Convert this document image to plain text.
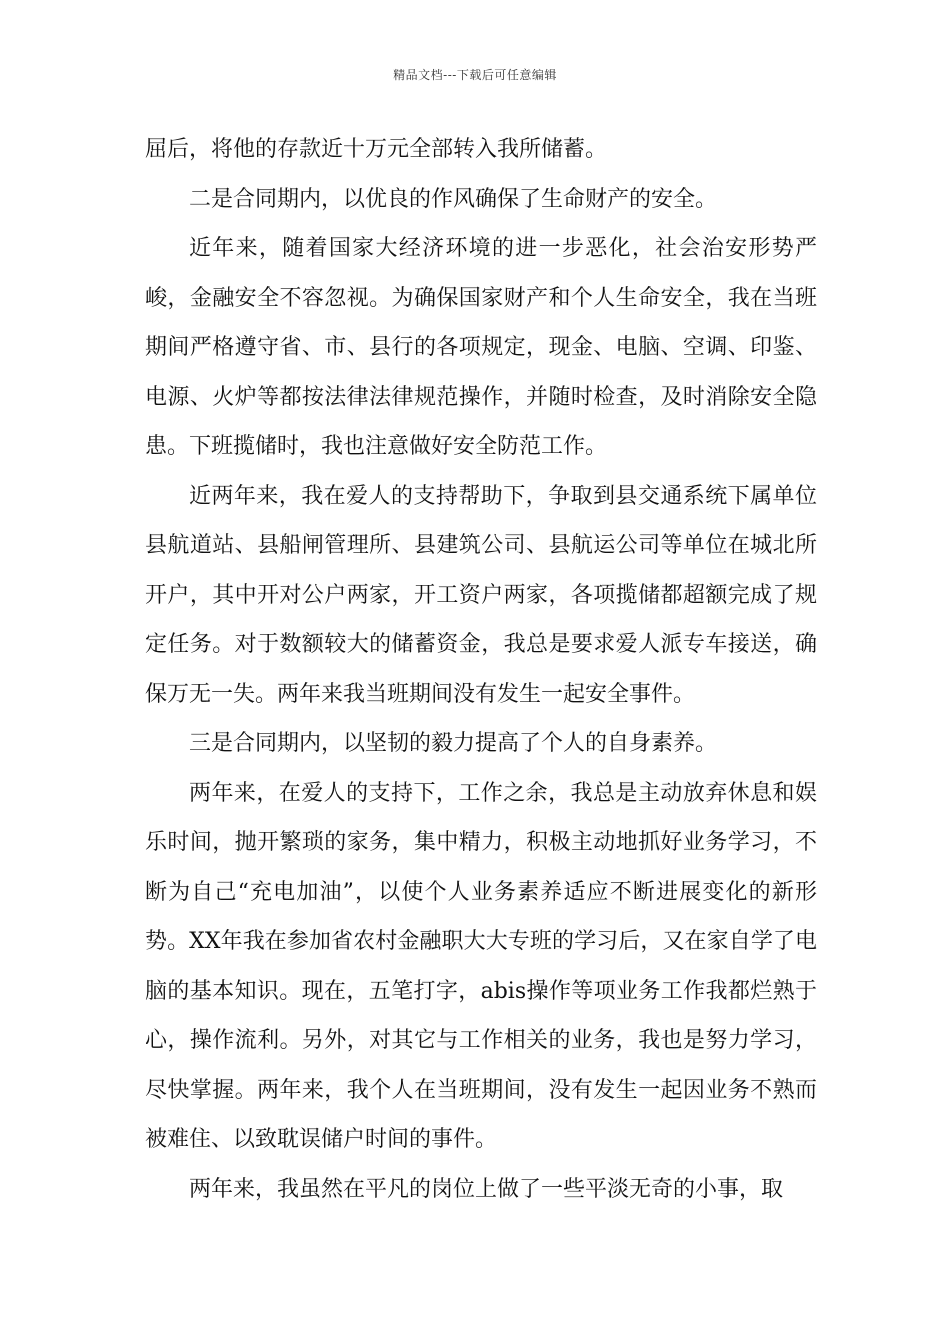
精品文档---下载后可任意编辑

屈后，将他的存款近十万元全部转入我所储蓄。

二是合同期内，以优良的作风确保了生命财产的安全。

近年来，随着国家大经济环境的进一步恶化，社会治安形势严峻，金融安全不容忽视。为确保国家财产和个人生命安全，我在当班期间严格遵守省、市、县行的各项规定，现金、电脑、空调、印鉴、电源、火炉等都按法律法律规范操作，并随时检查，及时消除安全隐患。下班揽储时，我也注意做好安全防范工作。

近两年来，我在爱人的支持帮助下，争取到县交通系统下属单位县航道站、县船闸管理所、县建筑公司、县航运公司等单位在城北所开户，其中开对公户两家，开工资户两家，各项揽储都超额完成了规定任务。对于数额较大的储蓄资金，我总是要求爱人派专车接送，确保万无一失。两年来我当班期间没有发生一起安全事件。

三是合同期内，以坚韧的毅力提高了个人的自身素养。

两年来，在爱人的支持下，工作之余，我总是主动放弃休息和娱乐时间，抛开繁琐的家务，集中精力，积极主动地抓好业务学习，不断为自己“充电加油”，以使个人业务素养适应不断进展变化的新形势。XX年我在参加省农村金融职大大专班的学习后，又在家自学了电脑的基本知识。现在，五笔打字，abis操作等项业务工作我都烂熟于心，操作流利。另外，对其它与工作相关的业务，我也是努力学习，尽快掌握。两年来，我个人在当班期间，没有发生一起因业务不熟而被难住、以致耽误储户时间的事件。

两年来，我虽然在平凡的岗位上做了一些平淡无奇的小事，取
